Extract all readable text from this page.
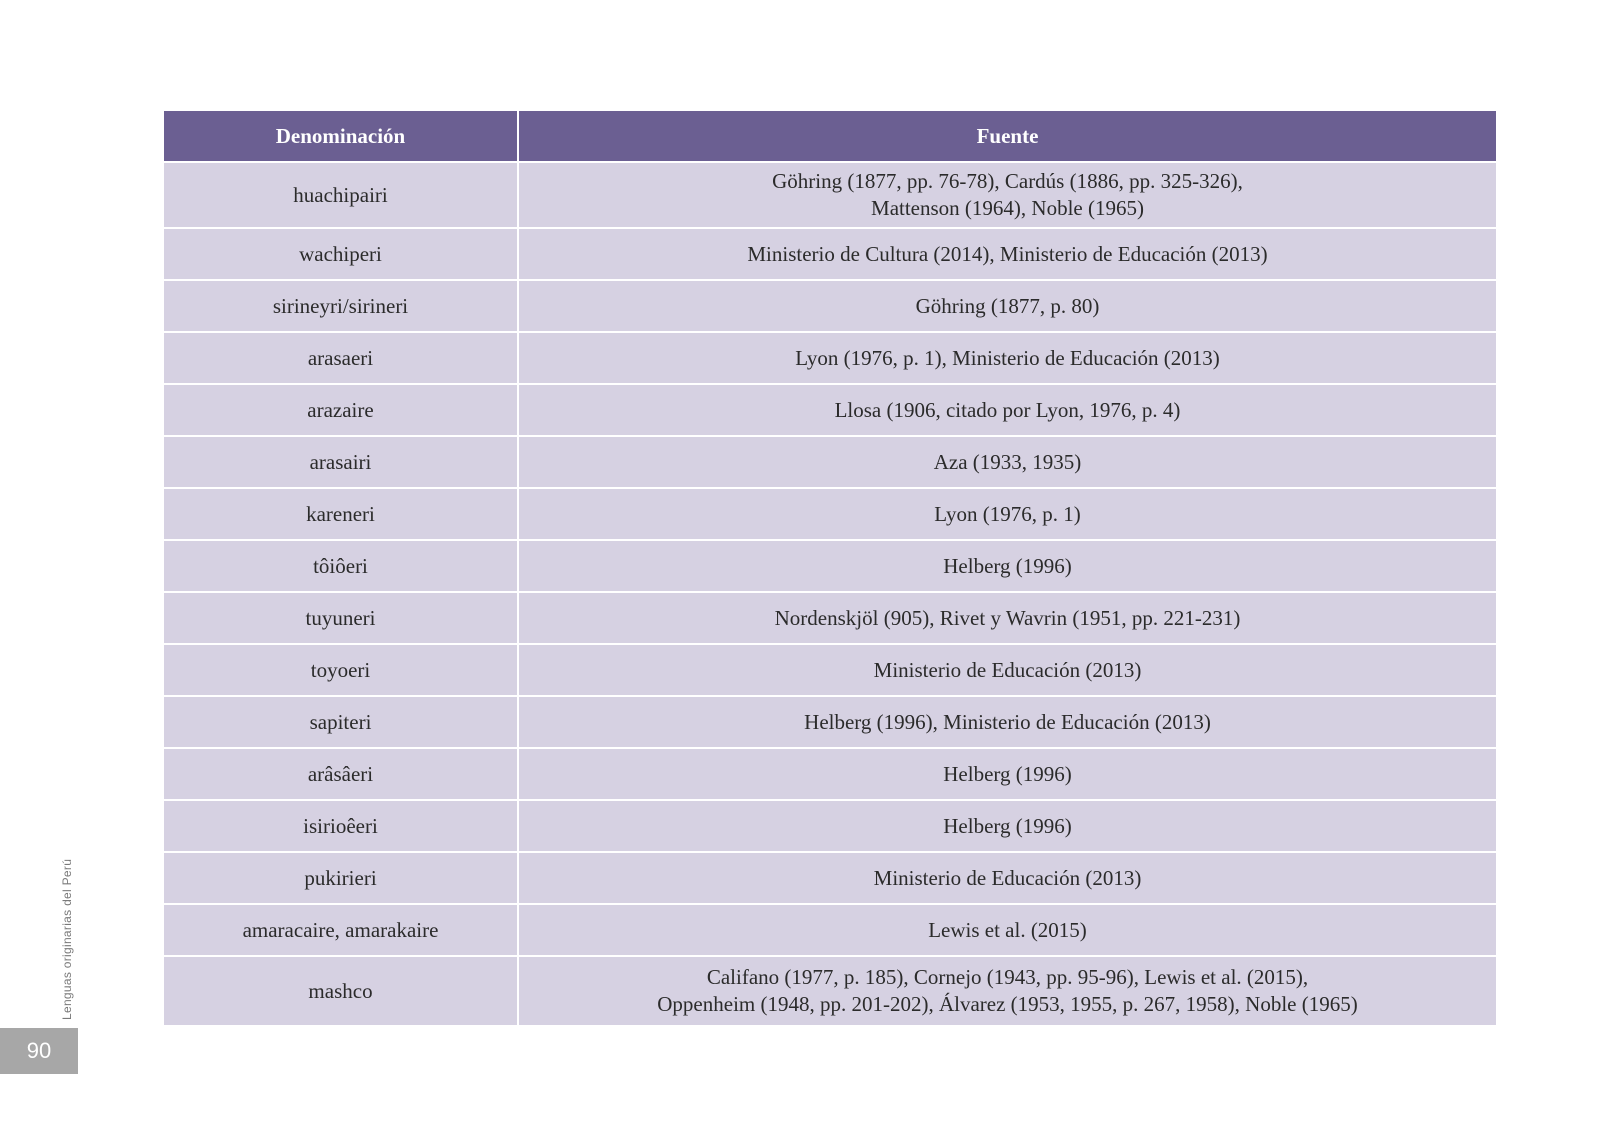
Denominación	Fuente
huachipairi	Göhring (1877, pp. 76-78), Cardús (1886, pp. 325-326),
Mattenson (1964), Noble (1965)

wachiperi	Ministerio de Cultura (2014), Ministerio de Educación (2013)

sirineyri/sirineri	Göhring (1877, p. 80)

arasaeri	Lyon (1976, p. 1), Ministerio de Educación (2013)

arazaire	Llosa (1906, citado por Lyon, 1976, p. 4)

arasairi	Aza (1933, 1935)

kareneri	Lyon (1976, p. 1)

tôiôeri	Helberg (1996)

tuyuneri	Nordenskjöl (905), Rivet y Wavrin (1951, pp. 221-231)

toyoeri	Ministerio de Educación (2013)

sapiteri	Helberg (1996), Ministerio de Educación (2013)

arâsâeri	Helberg (1996)

isirioêeri	Helberg (1996)

pukirieri	Ministerio de Educación (2013)

amaracaire, amarakaire	Lewis et al. (2015)

mashco	Califano (1977, p. 185), Cornejo (1943, pp. 95-96), Lewis et al. (2015),
Oppenheim (1948, pp. 201-202), Álvarez (1953, 1955, p. 267, 1958), Noble (1965)
Lenguas originarias del Perú
90
